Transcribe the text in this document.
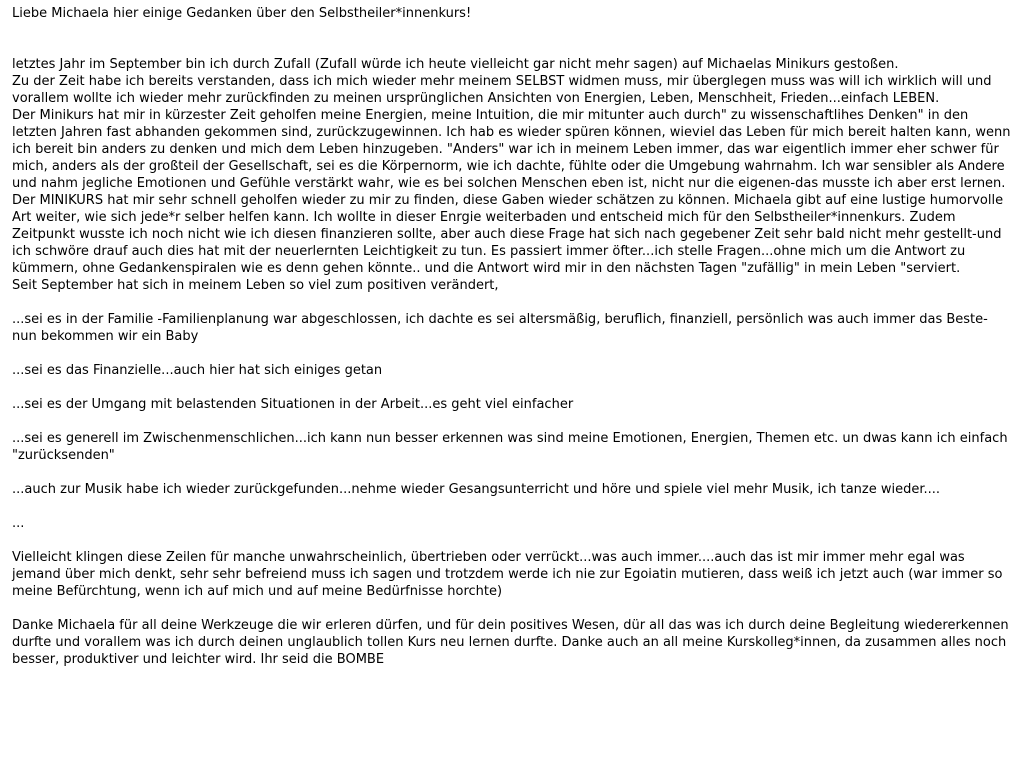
Liebe Michaela hier einige Gedanken über den Selbstheiler*innenkurs!

letztes Jahr im September bin ich durch Zufall (Zufall würde ich heute vielleicht gar nicht mehr sagen) auf Michaelas Minikurs gestoßen.

Zu der Zeit habe ich bereits verstanden, dass ich mich wieder mehr meinem SELBST widmen muss, mir überglegen muss was will ich wirklich will und vorallem wollte ich wieder mehr zurückfinden zu meinen ursprünglichen Ansichten von Energien, Leben, Menschheit, Frieden...einfach LEBEN.

Der Minikurs hat mir in kürzester Zeit geholfen meine Energien, meine Intuition, die mir mitunter auch durch" zu wissenschaftlihes Denken" in den letzten Jahren fast abhanden gekommen sind, zurückzugewinnen. Ich hab es wieder spüren können, wieviel das Leben für mich bereit halten kann, wenn ich bereit bin anders zu denken und mich dem Leben hinzugeben. "Anders" war ich in meinem Leben immer, das war eigentlich immer eher schwer für mich, anders als der großteil der Gesellschaft, sei es die Körpernorm, wie ich dachte, fühlte oder die Umgebung wahrnahm. Ich war sensibler als Andere und nahm jegliche Emotionen und Gefühle verstärkt wahr, wie es bei solchen Menschen eben ist, nicht nur die eigenen-das musste ich aber erst lernen.

Der MINIKURS hat mir sehr schnell geholfen wieder zu mir zu finden, diese Gaben wieder schätzen zu können. Michaela gibt auf eine lustige humorvolle Art weiter, wie sich jede*r selber helfen kann. Ich wollte in dieser Enrgie weiterbaden und entscheid mich für den Selbstheiler*innenkurs. Zudem Zeitpunkt wusste ich noch nicht wie ich diesen finanzieren sollte, aber auch diese Frage hat sich nach gegebener Zeit sehr bald nicht mehr gestellt-und ich schwöre drauf auch dies hat mit der neuerlernten Leichtigkeit zu tun. Es passiert immer öfter...ich stelle Fragen...ohne mich um die Antwort zu kümmern, ohne Gedankenspiralen wie es denn gehen könnte.. und die Antwort wird mir in den nächsten Tagen "zufällig" in mein Leben "serviert.

Seit September hat sich in meinem Leben so viel zum positiven verändert,

...sei es in der Familie -Familienplanung war abgeschlossen, ich dachte es sei altersmäßig, beruflich, finanziell, persönlich was auch immer das Beste-nun bekommen wir ein Baby

...sei es das Finanzielle...auch hier hat sich einiges getan

...sei es der Umgang mit belastenden Situationen in der Arbeit...es geht viel einfacher

...sei es generell im Zwischenmenschlichen...ich kann nun besser erkennen was sind meine Emotionen, Energien, Themen etc. un dwas kann ich einfach "zurücksenden"

...auch zur Musik habe ich wieder zurückgefunden...nehme wieder Gesangsunterricht und höre und spiele viel mehr Musik, ich tanze wieder....

...

Vielleicht klingen diese Zeilen für manche unwahrscheinlich, übertrieben oder verrückt...was auch immer....auch das ist mir immer mehr egal was jemand über mich denkt, sehr sehr befreiend muss ich sagen und trotzdem werde ich nie zur Egoiatin mutieren, dass weiß ich jetzt auch (war immer so meine Befürchtung, wenn ich auf mich und auf meine Bedürfnisse horchte)

Danke Michaela für all deine Werkzeuge die wir erleren dürfen, und für dein positives Wesen, dür all das was ich durch deine Begleitung wiedererkennen durfte und vorallem was ich durch deinen unglaublich tollen Kurs neu lernen durfte. Danke auch an all meine Kurskolleg*innen, da zusammen alles noch besser, produktiver und leichter wird. Ihr seid die BOMBE
